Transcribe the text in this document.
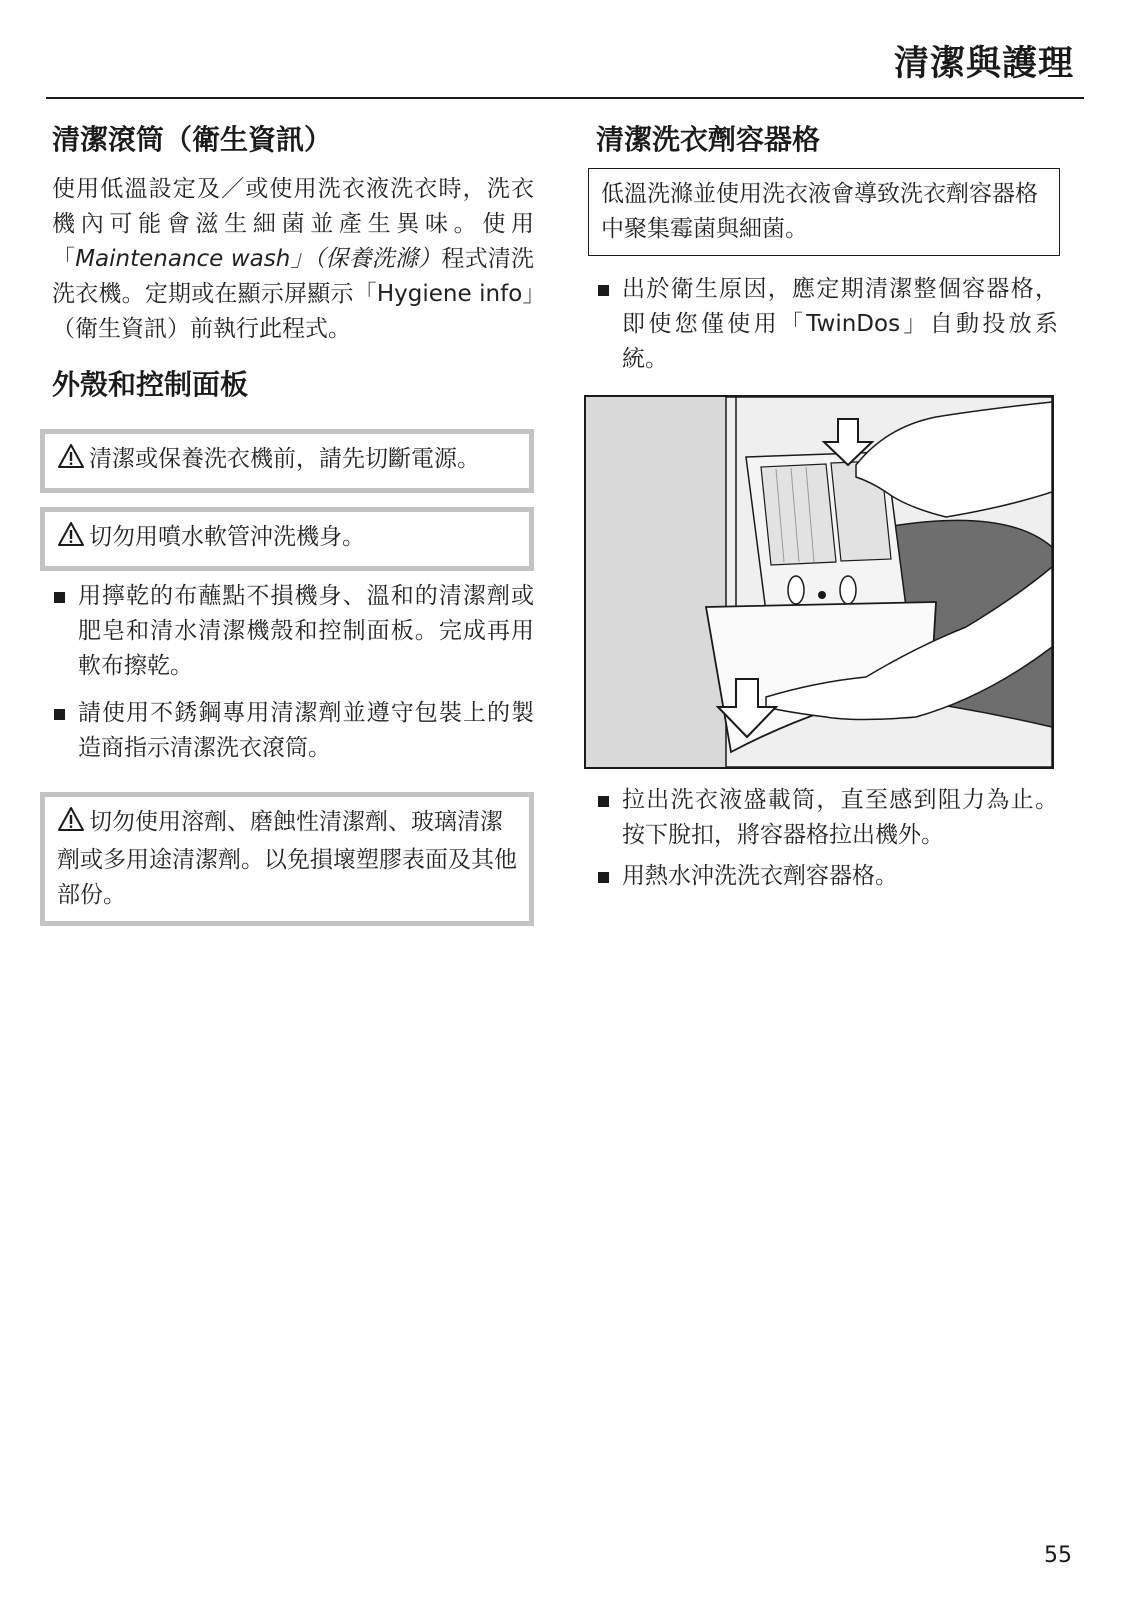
清潔與護理
清潔滾筒（衛生資訊）

使用低溫設定及／或使用洗衣液洗衣時，洗衣機內可能會滋生細菌並產生異味。使用「Maintenance wash」（保養洗滌）程式清洗洗衣機。定期或在顯示屏顯示「Hygiene info」（衛生資訊）前執行此程式。

外殼和控制面板
清潔或保養洗衣機前，請先切斷電源。
切勿用噴水軟管沖洗機身。
用擰乾的布蘸點不損機身、溫和的清潔劑或肥皂和清水清潔機殼和控制面板。完成再用軟布擦乾。
請使用不銹鋼專用清潔劑並遵守包裝上的製造商指示清潔洗衣滾筒。
切勿使用溶劑、磨蝕性清潔劑、玻璃清潔劑或多用途清潔劑。以免損壞塑膠表面及其他部份。
清潔洗衣劑容器格
低溫洗滌並使用洗衣液會導致洗衣劑容器格中聚集霉菌與細菌。
出於衛生原因，應定期清潔整個容器格，即使您僅使用「TwinDos」自動投放系統。
拉出洗衣液盛載筒，直至感到阻力為止。按下脫扣，將容器格拉出機外。
用熱水沖洗洗衣劑容器格。
55
